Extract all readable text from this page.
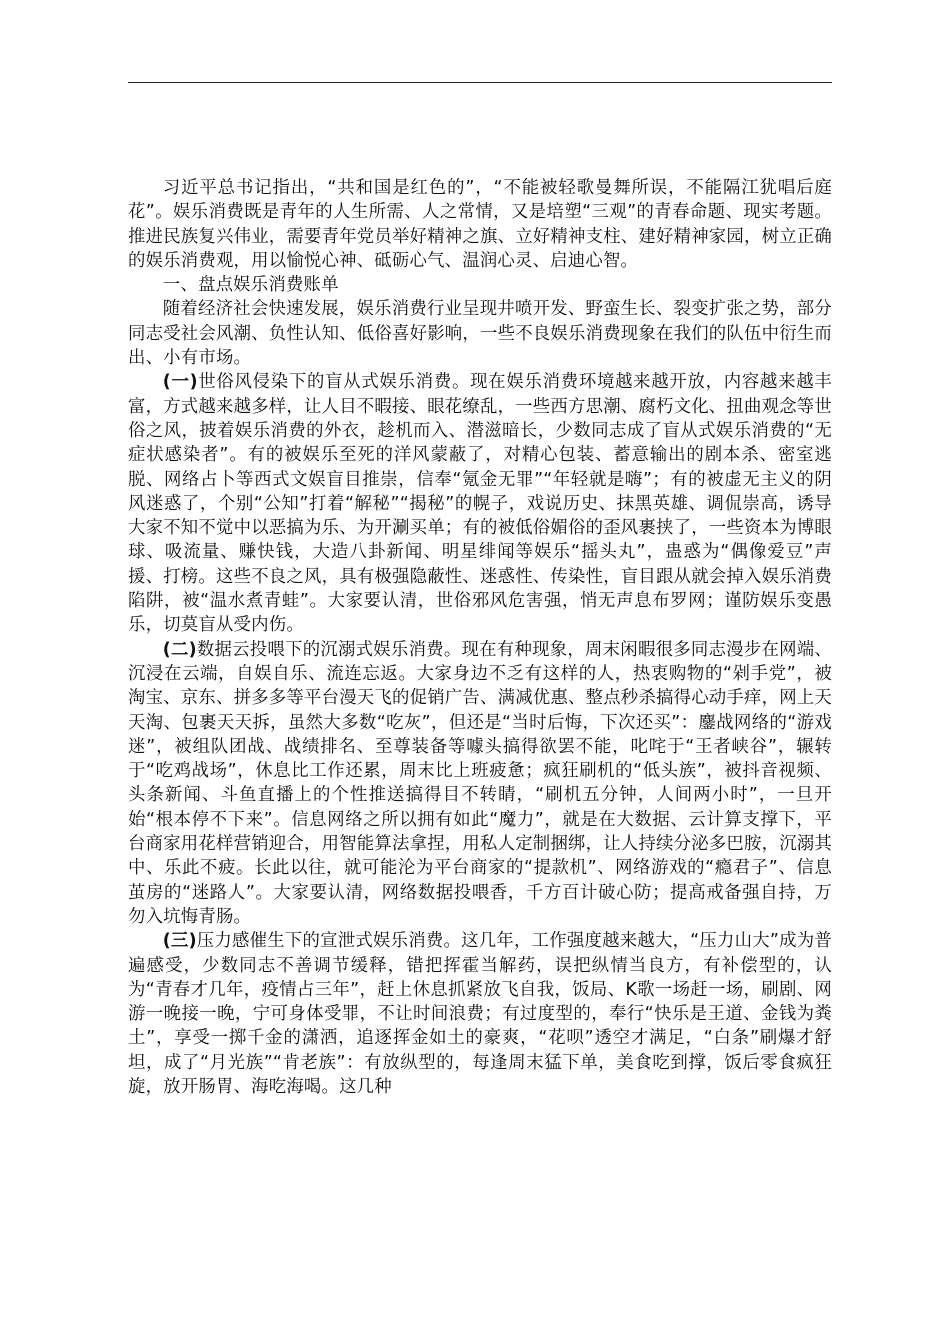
习近平总书记指出，“共和国是红色的”，“不能被轻歌曼舞所误，不能隔江犹唱后庭花”。娱乐消费既是青年的人生所需、人之常情，又是培塑“三观”的青春命题、现实考题。推进民族复兴伟业，需要青年党员举好精神之旗、立好精神支柱、建好精神家园，树立正确的娱乐消费观，用以愉悦心神、砥砺心气、温润心灵、启迪心智。

一、盘点娱乐消费账单

随着经济社会快速发展，娱乐消费行业呈现井喷开发、野蛮生长、裂变扩张之势，部分同志受社会风潮、负性认知、低俗喜好影响，一些不良娱乐消费现象在我们的队伍中衍生而出、小有市场。

(一)世俗风侵染下的盲从式娱乐消费。现在娱乐消费环境越来越开放，内容越来越丰富，方式越来越多样，让人目不暇接、眼花缭乱，一些西方思潮、腐朽文化、扭曲观念等世俗之风，披着娱乐消费的外衣，趁机而入、潜滋暗长，少数同志成了盲从式娱乐消费的“无症状感染者”。有的被娱乐至死的洋风蒙蔽了，对精心包装、蓄意输出的剧本杀、密室逃脱、网络占卜等西式文娱盲目推崇，信奉“氪金无罪”“年轻就是嗨”；有的被虚无主义的阴风迷惑了，个别“公知”打着“解秘”“揭秘”的幌子，戏说历史、抹黑英雄、调侃崇高，诱导大家不知不觉中以恶搞为乐、为开涮买单；有的被低俗媚俗的歪风裹挟了，一些资本为博眼球、吸流量、赚快钱，大造八卦新闻、明星绯闻等娱乐“摇头丸”，蛊惑为“偶像爱豆”声援、打榜。这些不良之风，具有极强隐蔽性、迷惑性、传染性，盲目跟从就会掉入娱乐消费陷阱，被“温水煮青蛙”。大家要认清，世俗邪风危害强，悄无声息布罗网；谨防娱乐变愚乐，切莫盲从受内伤。

(二)数据云投喂下的沉溺式娱乐消费。现在有种现象，周末闲暇很多同志漫步在网端、沉浸在云端，自娱自乐、流连忘返。大家身边不乏有这样的人，热衷购物的“剁手党”，被淘宝、京东、拼多多等平台漫天飞的促销广告、满减优惠、整点秒杀搞得心动手痒，网上天天淘、包裹天天拆，虽然大多数“吃灰”，但还是“当时后悔，下次还买”：鏖战网络的“游戏迷”，被组队团战、战绩排名、至尊装备等噱头搞得欲罢不能，叱咤于“王者峡谷”，辗转于“吃鸡战场”，休息比工作还累，周末比上班疲惫；疯狂刷机的“低头族”，被抖音视频、头条新闻、斗鱼直播上的个性推送搞得目不转睛，“刷机五分钟，人间两小时”，一旦开始“根本停不下来”。信息网络之所以拥有如此“魔力”，就是在大数据、云计算支撑下，平台商家用花样营销迎合，用智能算法拿捏，用私人定制捆绑，让人持续分泌多巴胺，沉溺其中、乐此不疲。长此以往，就可能沦为平台商家的“提款机”、网络游戏的“瘾君子”、信息茧房的“迷路人”。大家要认清，网络数据投喂香，千方百计破心防；提高戒备强自持，万勿入坑悔青肠。

(三)压力感催生下的宣泄式娱乐消费。这几年，工作强度越来越大，“压力山大”成为普遍感受，少数同志不善调节缓释，错把挥霍当解药，误把纵情当良方，有补偿型的，认为“青春才几年，疫情占三年”，赶上休息抓紧放飞自我，饭局、K歌一场赶一场，刷剧、网游一晚接一晚，宁可身体受罪，不让时间浪费；有过度型的，奉行“快乐是王道、金钱为粪土”，享受一掷千金的潇洒，追逐挥金如土的豪爽，“花呗”透空才满足，“白条”刷爆才舒坦，成了“月光族”“肯老族”：有放纵型的，每逢周末猛下单，美食吃到撑，饭后零食疯狂旋，放开肠胃、海吃海喝。这几种
